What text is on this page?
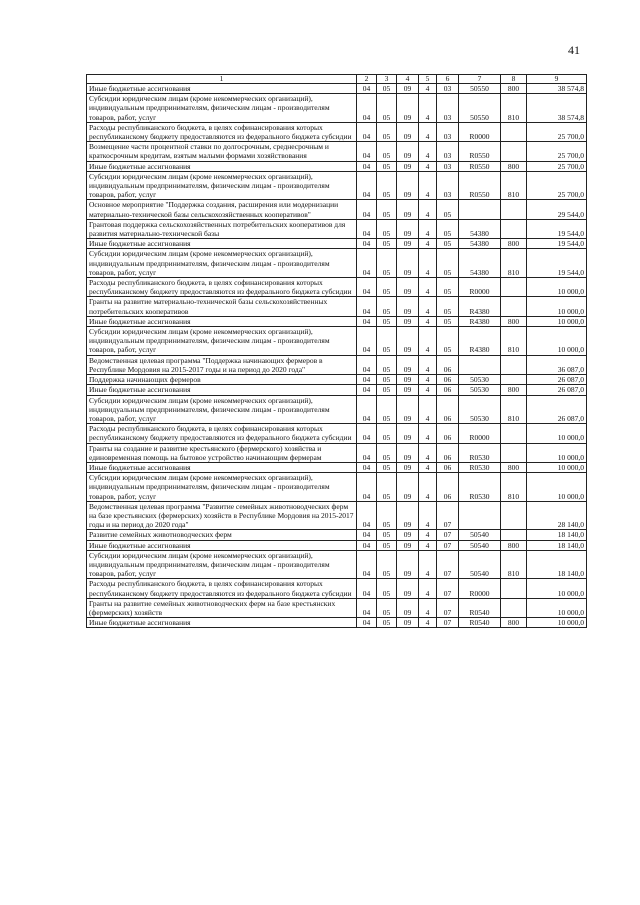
41
1	2	3	4	5	6	7	8	9
Иные бюджетные ассигнования	04	05	09	4	03	50550	800	38 574,8
Субсидии юридическим лицам (кроме некоммерческих организаций), индивидуальным предпринимателям, физическим лицам - производителям товаров, работ, услуг	04	05	09	4	03	50550	810	38 574,8
Расходы республиканского бюджета, в целях софинансирования которых республиканскому бюджету предоставляются из федерального бюджета субсидии	04	05	09	4	03	R0000		25 700,0
Возмещение части процентной ставки по долгосрочным, среднесрочным и краткосрочным кредитам, взятым малыми формами хозяйствования	04	05	09	4	03	R0550		25 700,0
Иные бюджетные ассигнования	04	05	09	4	03	R0550	800	25 700,0
Субсидии юридическим лицам (кроме некоммерческих организаций), индивидуальным предпринимателям, физическим лицам - производителям товаров, работ, услуг	04	05	09	4	03	R0550	810	25 700,0
Основное мероприятие "Поддержка создания, расширения или модернизации материально-технической базы сельскохозяйственных кооперативов"	04	05	09	4	05			29 544,0
Грантовая поддержка сельскохозяйственных потребительских кооперативов для развития материально-технической базы	04	05	09	4	05	54380		19 544,0
Иные бюджетные ассигнования	04	05	09	4	05	54380	800	19 544,0
Субсидии юридическим лицам (кроме некоммерческих организаций), индивидуальным предпринимателям, физическим лицам - производителям товаров, работ, услуг	04	05	09	4	05	54380	810	19 544,0
Расходы республиканского бюджета, в целях софинансирования которых республиканскому бюджету предоставляются из федерального бюджета субсидии	04	05	09	4	05	R0000		10 000,0
Гранты на развитие материально-технической базы сельскохозяйственных потребительских кооперативов	04	05	09	4	05	R4380		10 000,0
Иные бюджетные ассигнования	04	05	09	4	05	R4380	800	10 000,0
Субсидии юридическим лицам (кроме некоммерческих организаций), индивидуальным предпринимателям, физическим лицам - производителям товаров, работ, услуг	04	05	09	4	05	R4380	810	10 000,0
Ведомственная целевая программа "Поддержка начинающих фермеров в Республике Мордовия на 2015-2017 годы и на период до 2020 года"	04	05	09	4	06			36 087,0
Поддержка начинающих фермеров	04	05	09	4	06	50530		26 087,0
Иные бюджетные ассигнования	04	05	09	4	06	50530	800	26 087,0
Субсидии юридическим лицам (кроме некоммерческих организаций), индивидуальным предпринимателям, физическим лицам - производителям товаров, работ, услуг	04	05	09	4	06	50530	810	26 087,0
Расходы республиканского бюджета, в целях софинансирования которых республиканскому бюджету предоставляются из федерального бюджета субсидии	04	05	09	4	06	R0000		10 000,0
Гранты на создание и развитие крестьянского (фермерского) хозяйства и единовременная помощь на бытовое устройство начинающим фермерам	04	05	09	4	06	R0530		10 000,0
Иные бюджетные ассигнования	04	05	09	4	06	R0530	800	10 000,0
Субсидии юридическим лицам (кроме некоммерческих организаций), индивидуальным предпринимателям, физическим лицам - производителям товаров, работ, услуг	04	05	09	4	06	R0530	810	10 000,0
Ведомственная целевая программа "Развитие семейных животноводческих ферм на базе крестьянских (фермерских) хозяйств в Республике Мордовия на 2015-2017 годы и на период до 2020 года"	04	05	09	4	07			28 140,0
Развитие семейных животноводческих ферм	04	05	09	4	07	50540		18 140,0
Иные бюджетные ассигнования	04	05	09	4	07	50540	800	18 140,0
Субсидии юридическим лицам (кроме некоммерческих организаций), индивидуальным предпринимателям, физическим лицам - производителям товаров, работ, услуг	04	05	09	4	07	50540	810	18 140,0
Расходы республиканского бюджета, в целях софинансирования которых республиканскому бюджету предоставляются из федерального бюджета субсидии	04	05	09	4	07	R0000		10 000,0
Гранты на развитие семейных животноводческих ферм на базе крестьянских (фермерских) хозяйств	04	05	09	4	07	R0540		10 000,0
Иные бюджетные ассигнования	04	05	09	4	07	R0540	800	10 000,0
